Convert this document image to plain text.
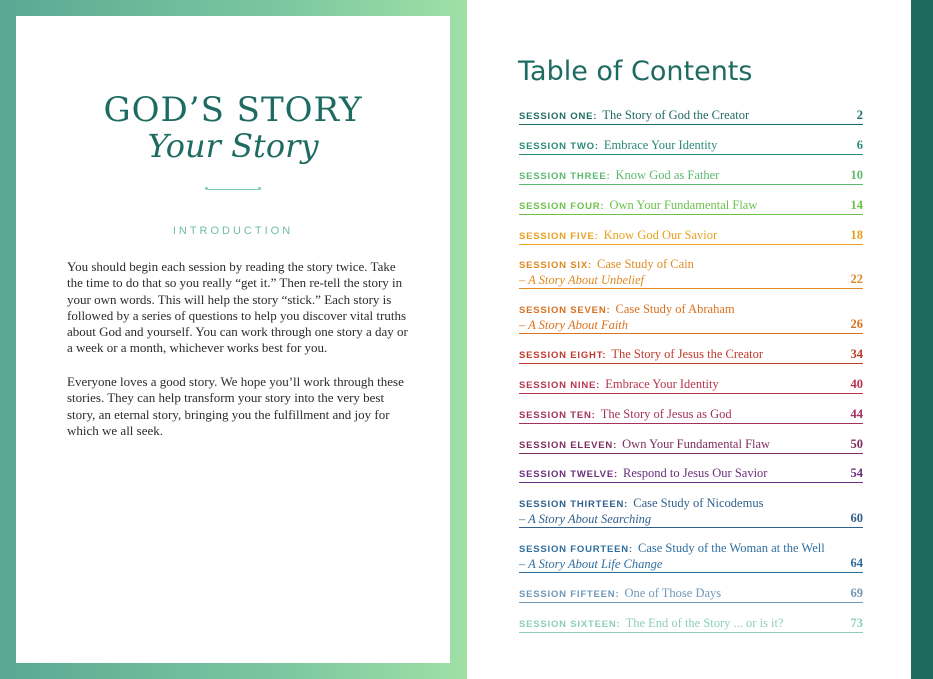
GOD’S STORY
Your Story
INTRODUCTION

You should begin each session by reading the story twice. Take the time to do that so you really “get it.” Then re-tell the story in your own words. This will help the story “stick.” Each story is followed by a series of questions to help you discover vital truths about God and yourself. You can work through one story a day or a week or a month, whichever works best for you.

Everyone loves a good story. We hope you’ll work through these stories. They can help transform your story into the very best story, an eternal story, bringing you the fulfillment and joy for which we all seek.

Table of Contents
SESSION ONE: The Story of God the Creator	2
SESSION TWO: Embrace Your Identity	6
SESSION THREE: Know God as Father	10
SESSION FOUR: Own Your Fundamental Flaw	14
SESSION FIVE: Know God Our Savior	18
SESSION SIX: Case Study of Cain
– A Story About Unbelief	22
SESSION SEVEN: Case Study of Abraham
– A Story About Faith	26
SESSION EIGHT: The Story of Jesus the Creator	34
SESSION NINE: Embrace Your Identity	40
SESSION TEN: The Story of Jesus as God	44
SESSION ELEVEN: Own Your Fundamental Flaw	50
SESSION TWELVE: Respond to Jesus Our Savior	54
SESSION THIRTEEN: Case Study of Nicodemus
– A Story About Searching	60
SESSION FOURTEEN: Case Study of the Woman at the Well
– A Story About Life Change	64
SESSION FIFTEEN: One of Those Days	69
SESSION SIXTEEN: The End of the Story ... or is it?	73
